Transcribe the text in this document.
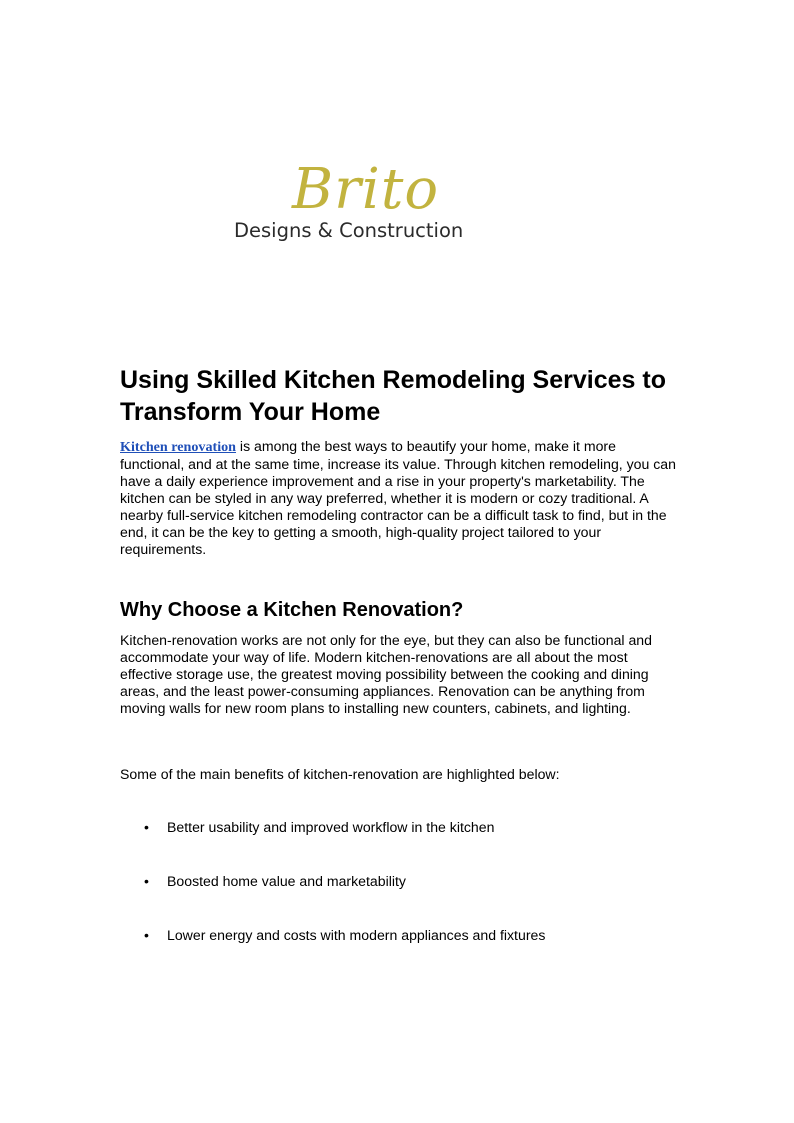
Brito
Designs & Construction
Using Skilled Kitchen Remodeling Services to Transform Your Home

Kitchen renovation is among the best ways to beautify your home, make it more functional, and at the same time, increase its value. Through kitchen remodeling, you can have a daily experience improvement and a rise in your property's marketability. The kitchen can be styled in any way preferred, whether it is modern or cozy traditional. A nearby full-service kitchen remodeling contractor can be a difficult task to find, but in the end, it can be the key to getting a smooth, high-quality project tailored to your requirements.

Why Choose a Kitchen Renovation?

Kitchen-renovation works are not only for the eye, but they can also be functional and accommodate your way of life. Modern kitchen-renovations are all about the most effective storage use, the greatest moving possibility between the cooking and dining areas, and the least power-consuming appliances. Renovation can be anything from moving walls for new room plans to installing new counters, cabinets, and lighting.

Some of the main benefits of kitchen-renovation are highlighted below:

• Better usability and improved workflow in the kitchen
• Boosted home value and marketability
• Lower energy and costs with modern appliances and fixtures
